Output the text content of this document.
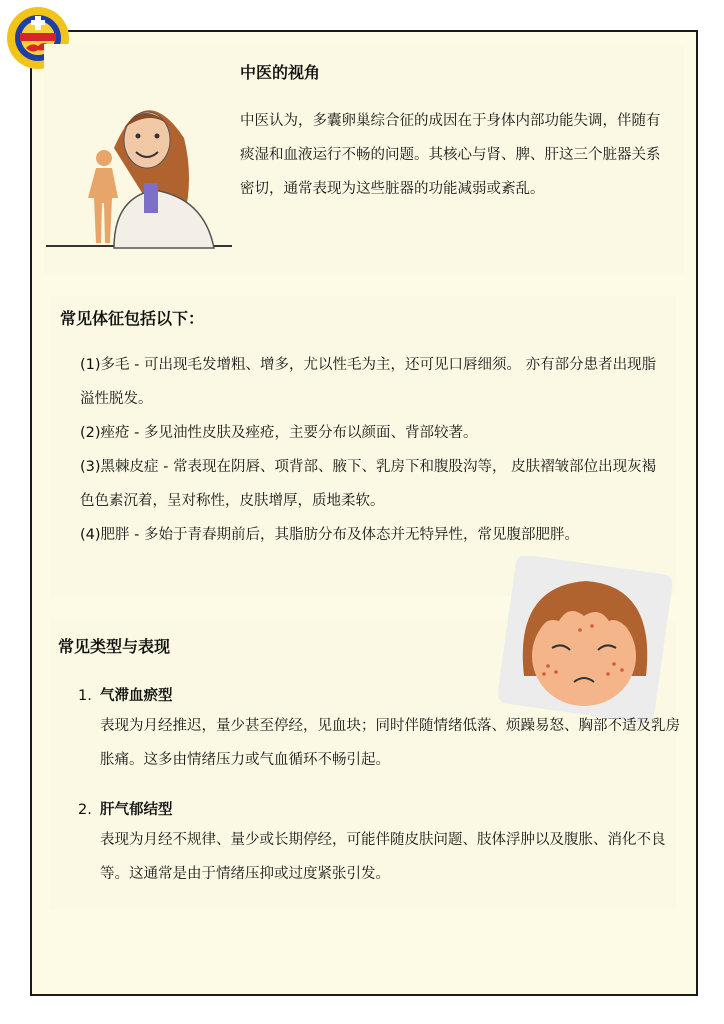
中医的视角
中医认为，多囊卵巢综合征的成因在于身体内部功能失调，伴随有痰湿和血液运行不畅的问题。其核心与肾、脾、肝这三个脏器关系密切，通常表现为这些脏器的功能减弱或紊乱。
常见体征包括以下：

(1)多毛 - 可出现毛发增粗、增多，尤以性毛为主，还可见口唇细须。 亦有部分患者出现脂溢性脱发。

(2)痤疮 - 多见油性皮肤及痤疮，主要分布以颜面、背部较著。

(3)黑棘皮症 - 常表现在阴唇、项背部、腋下、乳房下和腹股沟等， 皮肤褶皱部位出现灰褐色色素沉着，呈对称性，皮肤增厚，质地柔软。

(4)肥胖 - 多始于青春期前后，其脂肪分布及体态并无特异性，常见腹部肥胖。

常见类型与表现
1. 气滞血瘀型
表现为月经推迟，量少甚至停经，见血块；同时伴随情绪低落、烦躁易怒、胸部不适及乳房胀痛。这多由情绪压力或气血循环不畅引起。
2. 肝气郁结型
表现为月经不规律、量少或长期停经，可能伴随皮肤问题、肢体浮肿以及腹胀、消化不良等。这通常是由于情绪压抑或过度紧张引发。
